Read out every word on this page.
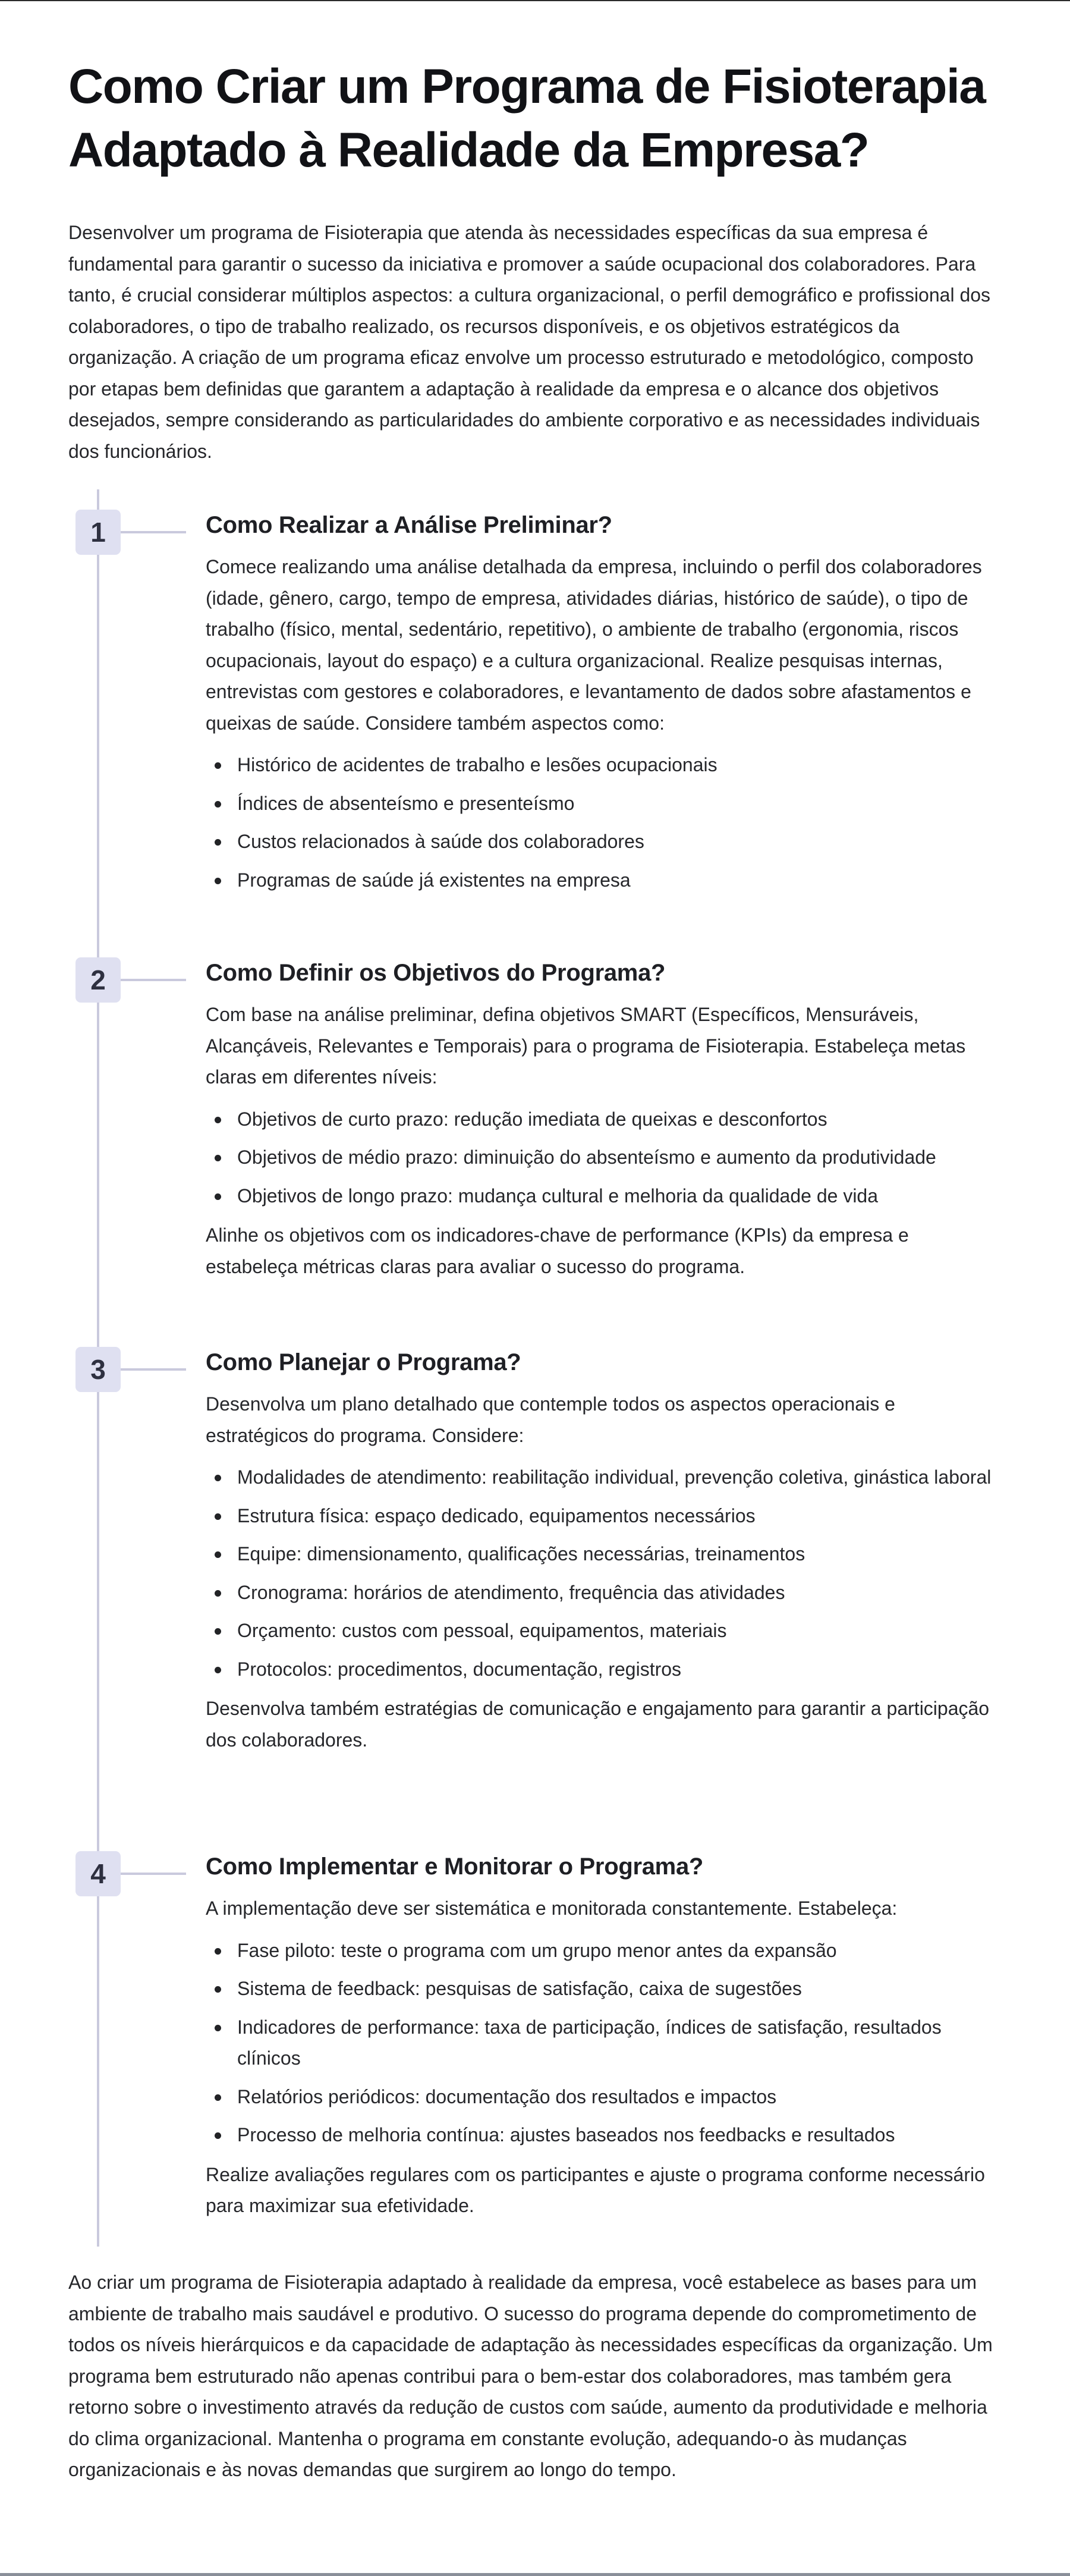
Como Criar um Programa de Fisioterapia Adaptado à Realidade da Empresa?

Desenvolver um programa de Fisioterapia que atenda às necessidades específicas da sua empresa é fundamental para garantir o sucesso da iniciativa e promover a saúde ocupacional dos colaboradores. Para tanto, é crucial considerar múltiplos aspectos: a cultura organizacional, o perfil demográfico e profissional dos colaboradores, o tipo de trabalho realizado, os recursos disponíveis, e os objetivos estratégicos da organização. A criação de um programa eficaz envolve um processo estruturado e metodológico, composto por etapas bem definidas que garantem a adaptação à realidade da empresa e o alcance dos objetivos desejados, sempre considerando as particularidades do ambiente corporativo e as necessidades individuais dos funcionários.

1	Como Realizar a Análise Preliminar?

Comece realizando uma análise detalhada da empresa, incluindo o perfil dos colaboradores (idade, gênero, cargo, tempo de empresa, atividades diárias, histórico de saúde), o tipo de trabalho (físico, mental, sedentário, repetitivo), o ambiente de trabalho (ergonomia, riscos ocupacionais, layout do espaço) e a cultura organizacional. Realize pesquisas internas, entrevistas com gestores e colaboradores, e levantamento de dados sobre afastamentos e queixas de saúde. Considere também aspectos como:

Histórico de acidentes de trabalho e lesões ocupacionais
Índices de absenteísmo e presenteísmo
Custos relacionados à saúde dos colaboradores
Programas de saúde já existentes na empresa
2	Como Definir os Objetivos do Programa?

Com base na análise preliminar, defina objetivos SMART (Específicos, Mensuráveis, Alcançáveis, Relevantes e Temporais) para o programa de Fisioterapia. Estabeleça metas claras em diferentes níveis:

Objetivos de curto prazo: redução imediata de queixas e desconfortos
Objetivos de médio prazo: diminuição do absenteísmo e aumento da produtividade
Objetivos de longo prazo: mudança cultural e melhoria da qualidade de vida

Alinhe os objetivos com os indicadores-chave de performance (KPIs) da empresa e estabeleça métricas claras para avaliar o sucesso do programa.

3	Como Planejar o Programa?

Desenvolva um plano detalhado que contemple todos os aspectos operacionais e estratégicos do programa. Considere:

Modalidades de atendimento: reabilitação individual, prevenção coletiva, ginástica laboral
Estrutura física: espaço dedicado, equipamentos necessários
Equipe: dimensionamento, qualificações necessárias, treinamentos
Cronograma: horários de atendimento, frequência das atividades
Orçamento: custos com pessoal, equipamentos, materiais
Protocolos: procedimentos, documentação, registros

Desenvolva também estratégias de comunicação e engajamento para garantir a participação dos colaboradores.

4	Como Implementar e Monitorar o Programa?

A implementação deve ser sistemática e monitorada constantemente. Estabeleça:

Fase piloto: teste o programa com um grupo menor antes da expansão
Sistema de feedback: pesquisas de satisfação, caixa de sugestões
Indicadores de performance: taxa de participação, índices de satisfação, resultados clínicos
Relatórios periódicos: documentação dos resultados e impactos
Processo de melhoria contínua: ajustes baseados nos feedbacks e resultados

Realize avaliações regulares com os participantes e ajuste o programa conforme necessário para maximizar sua efetividade.

Ao criar um programa de Fisioterapia adaptado à realidade da empresa, você estabelece as bases para um ambiente de trabalho mais saudável e produtivo. O sucesso do programa depende do comprometimento de todos os níveis hierárquicos e da capacidade de adaptação às necessidades específicas da organização. Um programa bem estruturado não apenas contribui para o bem-estar dos colaboradores, mas também gera retorno sobre o investimento através da redução de custos com saúde, aumento da produtividade e melhoria do clima organizacional. Mantenha o programa em constante evolução, adequando-o às mudanças organizacionais e às novas demandas que surgirem ao longo do tempo.
